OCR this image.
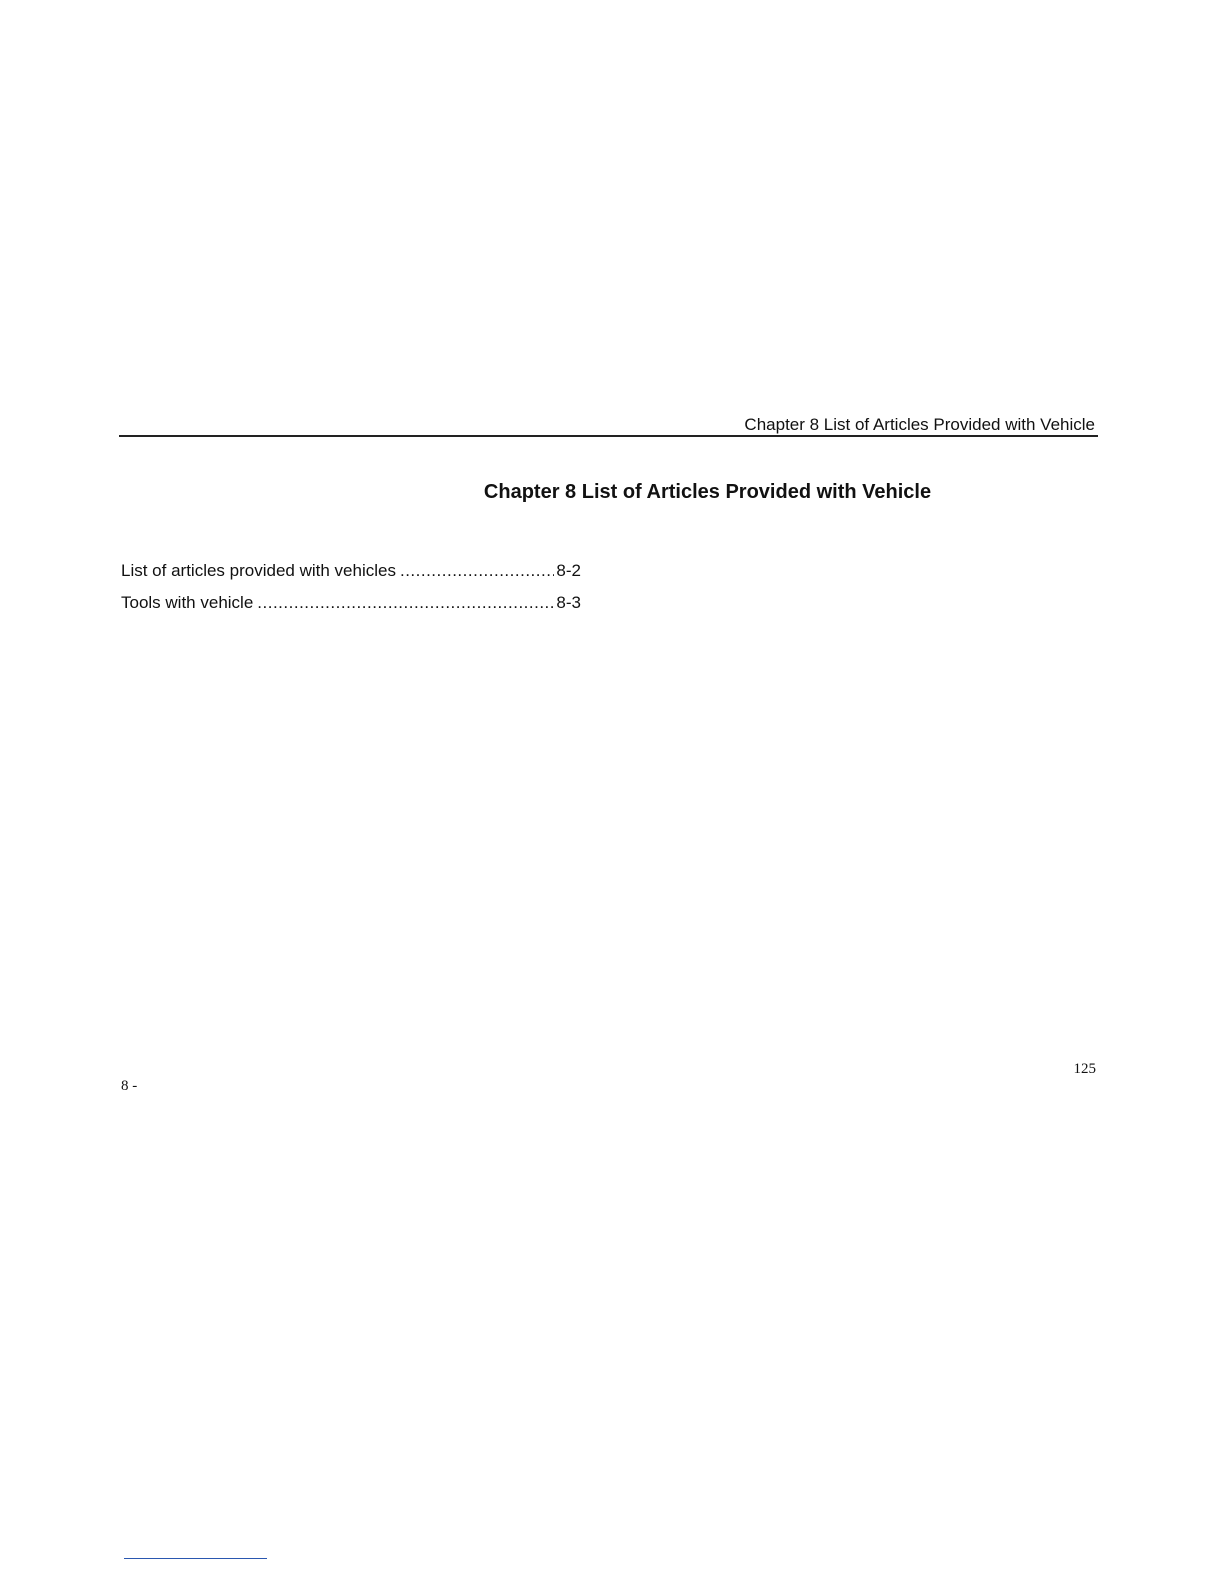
Chapter 8 List of Articles Provided with Vehicle
Chapter 8 List of Articles Provided with Vehicle
List of articles provided with vehicles .....	8-2
Tools with vehicle .....	8-3
125
8 -
